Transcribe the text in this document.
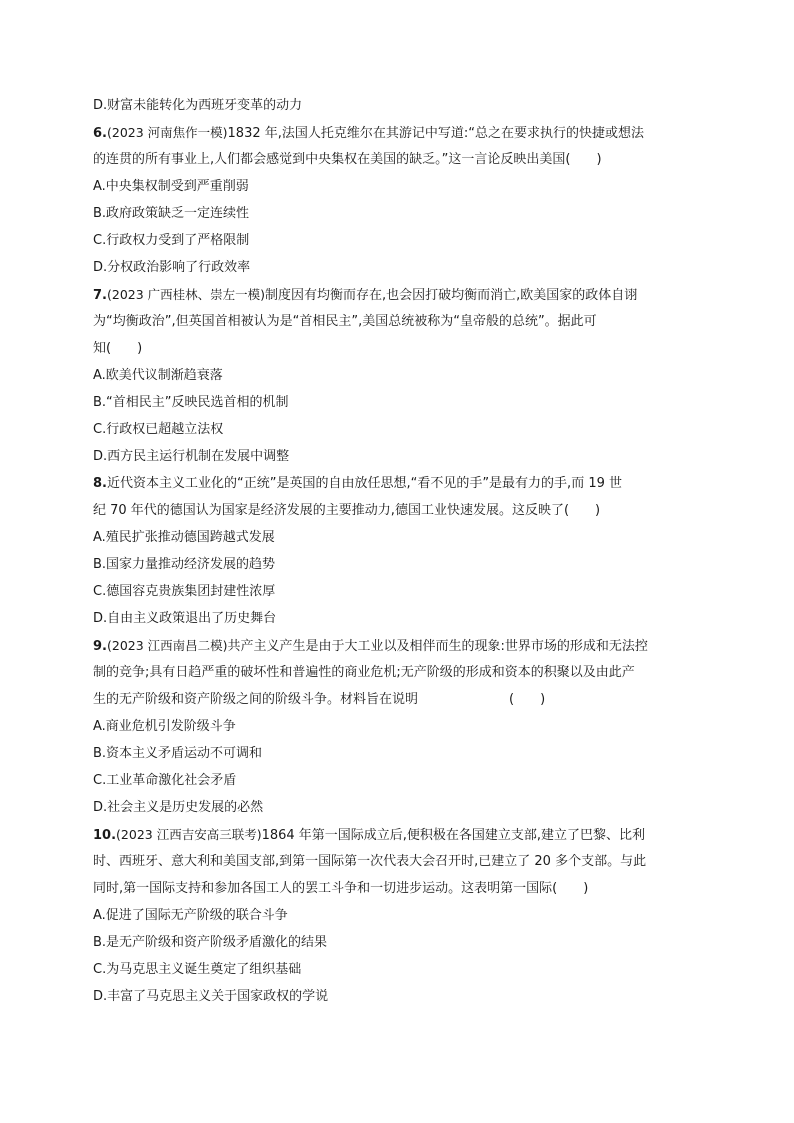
D.财富未能转化为西班牙变革的动力
6.(2023 河南焦作一模)1832 年,法国人托克维尔在其游记中写道:“总之在要求执行的快捷或想法
的连贯的所有事业上,人们都会感觉到中央集权在美国的缺乏。”这一言论反映出美国(　　)
A.中央集权制受到严重削弱
B.政府政策缺乏一定连续性
C.行政权力受到了严格限制
D.分权政治影响了行政效率
7.(2023 广西桂林、崇左一模)制度因有均衡而存在,也会因打破均衡而消亡,欧美国家的政体自诩
为“均衡政治”,但英国首相被认为是“首相民主”,美国总统被称为“皇帝般的总统”。据此可
知(　　)
A.欧美代议制渐趋衰落
B.“首相民主”反映民选首相的机制
C.行政权已超越立法权
D.西方民主运行机制在发展中调整
8.近代资本主义工业化的“正统”是英国的自由放任思想,“看不见的手”是最有力的手,而 19 世
纪 70 年代的德国认为国家是经济发展的主要推动力,德国工业快速发展。这反映了(　　)
A.殖民扩张推动德国跨越式发展
B.国家力量推动经济发展的趋势
C.德国容克贵族集团封建性浓厚
D.自由主义政策退出了历史舞台
9.(2023 江西南昌二模)共产主义产生是由于大工业以及相伴而生的现象:世界市场的形成和无法控
制的竞争;具有日趋严重的破坏性和普遍性的商业危机;无产阶级的形成和资本的积聚以及由此产
生的无产阶级和资产阶级之间的阶级斗争。材料旨在说明　　　　　　　(　　)
A.商业危机引发阶级斗争
B.资本主义矛盾运动不可调和
C.工业革命激化社会矛盾
D.社会主义是历史发展的必然
10.(2023 江西吉安高三联考)1864 年第一国际成立后,便积极在各国建立支部,建立了巴黎、比利
时、西班牙、意大利和美国支部,到第一国际第一次代表大会召开时,已建立了 20 多个支部。与此
同时,第一国际支持和参加各国工人的罢工斗争和一切进步运动。这表明第一国际(　　)
A.促进了国际无产阶级的联合斗争
B.是无产阶级和资产阶级矛盾激化的结果
C.为马克思主义诞生奠定了组织基础
D.丰富了马克思主义关于国家政权的学说
